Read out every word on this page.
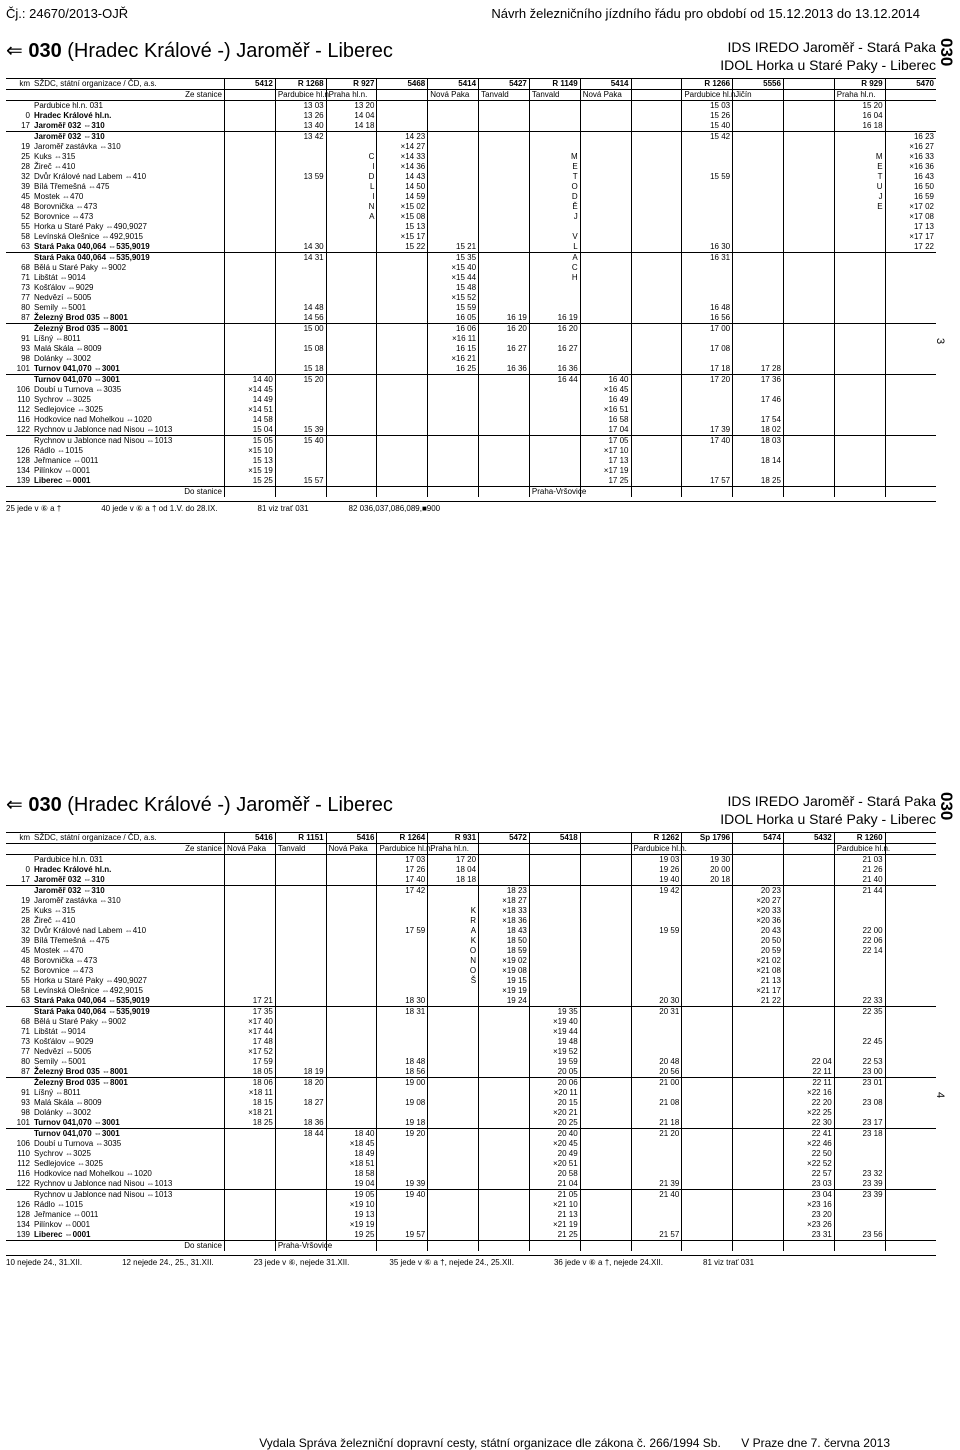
Čj.: 24670/2013-OJŘ	Návrh železničního jízdního řádu pro období od 15.12.2013 do 13.12.2014
⇐ 030 (Hradec Králové -) Jaroměř - Liberec	IDS IREDO Jaroměř - Stará Paka
IDOL Horka u Staré Paky - Liberec
km	SŽDC, státní organizace / ČD, a.s.	5412	R 1268	R 927	5468	5414	5427	R 1149	5414		R 1266	5556		R 929	5470
	Ze stanice		Pardubice hl.n.	Praha hl.n.		Nová Paka	Tanvald	Tanvald	Nová Paka		Pardubice hl.n.	Jičín		Praha hl.n.	
	Pardubice hl.n. 031		13 03	13 20							15 03			15 20	
0	Hradec Králové hl.n.		13 26	14 04							15 26			16 04	
17	Jaroměř 032 ⇔310		13 40	14 18							15 40			16 18	
	Jaroměř 032 ⇔310		13 42		14 23						15 42				16 23
19	Jaroměř zastávka ⇔310				×14 27										×16 27
25	Kuks ⇔315			C	×14 33			M						M	×16 33
28	Žireč ⇔410			I	×14 36			E						E	×16 36
32	Dvůr Králové nad Labem ⇔410		13 59	D	14 43			T			15 59			T	16 43
39	Bílá Třemešná ⇔475			L	14 50			O						U	16 50
45	Mostek ⇔470			I	14 59			D						J	16 59
48	Borovnička ⇔473			N	×15 02			Ě						E	×17 02
52	Borovnice ⇔473			A	×15 08			J							×17 08
55	Horka u Staré Paky ⇔490,9027				15 13										17 13
58	Levínská Olešnice ⇔492,9015				×15 17			V							×17 17
63	Stará Paka 040,064 ⇔535,9019		14 30		15 22	15 21		L			16 30				17 22
	Stará Paka 040,064 ⇔535,9019		14 31			15 35		A			16 31				
68	Bělá u Staré Paky ⇔9002					×15 40		C							
71	Libštát ⇔9014					×15 44		H							
73	Košťálov ⇔9029					15 48									
77	Nedvězí ⇔5005					×15 52									
80	Semily ⇔5001		14 48			15 59					16 48				
87	Železný Brod 035 ⇔8001		14 56			16 05	16 19	16 19			16 56				
	Železný Brod 035 ⇔8001		15 00			16 06	16 20	16 20			17 00				
91	Líšný ⇔8011					×16 11									
93	Malá Skála ⇔8009		15 08			16 15	16 27	16 27			17 08				
98	Dolánky ⇔3002					×16 21									
101	Turnov 041,070 ⇔3001		15 18			16 25	16 36	16 36			17 18	17 28			
	Turnov 041,070 ⇔3001	14 40	15 20					16 44	16 40		17 20	17 36			
106	Doubí u Turnova ⇔3035	×14 45							×16 45						
110	Sychrov ⇔3025	14 49							16 49			17 46			
112	Sedlejovice ⇔3025	×14 51							×16 51						
116	Hodkovice nad Mohelkou ⇔1020	14 58							16 58			17 54			
122	Rychnov u Jablonce nad Nisou ⇔1013	15 04	15 39						17 04		17 39	18 02			
	Rychnov u Jablonce nad Nisou ⇔1013	15 05	15 40						17 05		17 40	18 03			
126	Rádlo ⇔1015	×15 10							×17 10						
128	Jeřmanice ⇔0011	15 13							17 13			18 14			
134	Pilínkov ⇔0001	×15 19							×17 19						
139	Liberec ⇔0001	15 25	15 57						17 25		17 57	18 25			
	Do stanice							Praha-Vršovice							
25 jede v ⑥ a †	40 jede v ⑥ a † od 1.V. do 28.IX.	81 viz trať 031	82 036,037,086,089,■900
⇐ 030 (Hradec Králové -) Jaroměř - Liberec	IDS IREDO Jaroměř - Stará Paka
IDOL Horka u Staré Paky - Liberec
km	SŽDC, státní organizace / ČD, a.s.	5416	R 1151	5416	R 1264	R 931	5472	5418		R 1262	Sp 1796	5474	5432	R 1260	
	Ze stanice	Nová Paka	Tanvald	Nová Paka	Pardubice hl.n.	Praha hl.n.				Pardubice hl.n.				Pardubice hl.n.	
	Pardubice hl.n. 031				17 03	17 20				19 03	19 30			21 03	
0	Hradec Králové hl.n.				17 26	18 04				19 26	20 00			21 26	
17	Jaroměř 032 ⇔310				17 40	18 18				19 40	20 18			21 40	
	Jaroměř 032 ⇔310				17 42		18 23			19 42		20 23		21 44	
19	Jaroměř zastávka ⇔310						×18 27					×20 27			
25	Kuks ⇔315					K	×18 33					×20 33			
28	Žireč ⇔410					R	×18 36					×20 36			
32	Dvůr Králové nad Labem ⇔410				17 59	A	18 43			19 59		20 43		22 00	
39	Bílá Třemešná ⇔475					K	18 50					20 50		22 06	
45	Mostek ⇔470					O	18 59					20 59		22 14	
48	Borovnička ⇔473					N	×19 02					×21 02			
52	Borovnice ⇔473					O	×19 08					×21 08			
55	Horka u Staré Paky ⇔490,9027					Š	19 15					21 13			
58	Levínská Olešnice ⇔492,9015						×19 19					×21 17			
63	Stará Paka 040,064 ⇔535,9019	17 21			18 30		19 24			20 30		21 22		22 33	
	Stará Paka 040,064 ⇔535,9019	17 35			18 31			19 35		20 31				22 35	
68	Bělá u Staré Paky ⇔9002	×17 40						×19 40							
71	Libštát ⇔9014	×17 44						×19 44							
73	Košťálov ⇔9029	17 48						19 48						22 45	
77	Nedvězí ⇔5005	×17 52						×19 52							
80	Semily ⇔5001	17 59			18 48			19 59		20 48			22 04	22 53	
87	Železný Brod 035 ⇔8001	18 05	18 19		18 56			20 05		20 56			22 11	23 00	
	Železný Brod 035 ⇔8001	18 06	18 20		19 00			20 06		21 00			22 11	23 01	
91	Líšný ⇔8011	×18 11						×20 11					×22 16		
93	Malá Skála ⇔8009	18 15	18 27		19 08			20 15		21 08			22 20	23 08	
98	Dolánky ⇔3002	×18 21						×20 21					×22 25		
101	Turnov 041,070 ⇔3001	18 25	18 36		19 18			20 25		21 18			22 30	23 17	
	Turnov 041,070 ⇔3001		18 44	18 40	19 20			20 40		21 20			22 41	23 18	
106	Doubí u Turnova ⇔3035			×18 45				×20 45					×22 46		
110	Sychrov ⇔3025			18 49				20 49					22 50		
112	Sedlejovice ⇔3025			×18 51				×20 51					×22 52		
116	Hodkovice nad Mohelkou ⇔1020			18 58				20 58					22 57	23 32	
122	Rychnov u Jablonce nad Nisou ⇔1013			19 04	19 39			21 04		21 39			23 03	23 39	
	Rychnov u Jablonce nad Nisou ⇔1013			19 05	19 40			21 05		21 40			23 04	23 39	
126	Rádlo ⇔1015			×19 10				×21 10					×23 16		
128	Jeřmanice ⇔0011			19 13				21 13					23 20		
134	Pilínkov ⇔0001			×19 19				×21 19					×23 26		
139	Liberec ⇔0001			19 25	19 57			21 25		21 57			23 31	23 56	
	Do stanice		Praha-Vršovice												
10 nejede 24., 31.XII.	12 nejede 24., 25., 31.XII.	23 jede v ⑥, nejede 31.XII.	35 jede v ⑥ a †, nejede 24., 25.XII.	36 jede v ⑥ a †, nejede 24.XII.	81 viz trať 031
Vydala Správa železniční dopravní cesty, státní organizace dle zákona č. 266/1994 Sb. V Praze dne 7. června 2013
030
3
030
4
